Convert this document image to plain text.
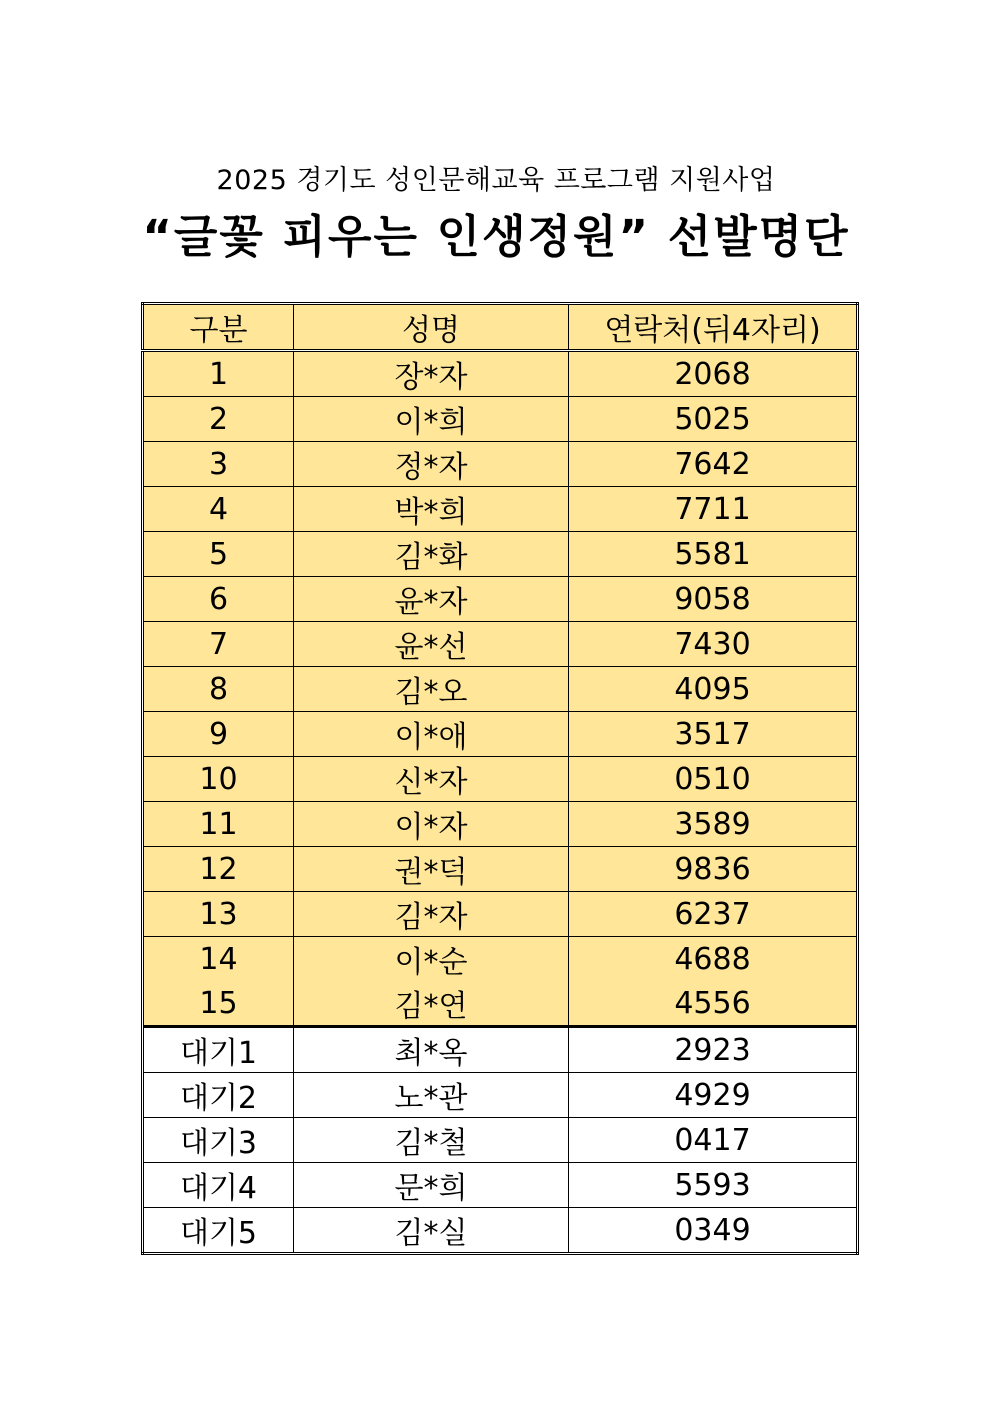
2025 경기도 성인문해교육 프로그램 지원사업
“글꽃 피우는 인생정원” 선발명단
구분	성명	연락처(뒤4자리)
1	장*자	2068
2	이*희	5025
3	정*자	7642
4	박*희	7711
5	김*화	5581
6	윤*자	9058
7	윤*선	7430
8	김*오	4095
9	이*애	3517
10	신*자	0510
11	이*자	3589
12	권*덕	9836
13	김*자	6237
14	이*순	4688
15	김*연	4556
대기1	최*옥	2923
대기2	노*관	4929
대기3	김*철	0417
대기4	문*희	5593
대기5	김*실	0349
